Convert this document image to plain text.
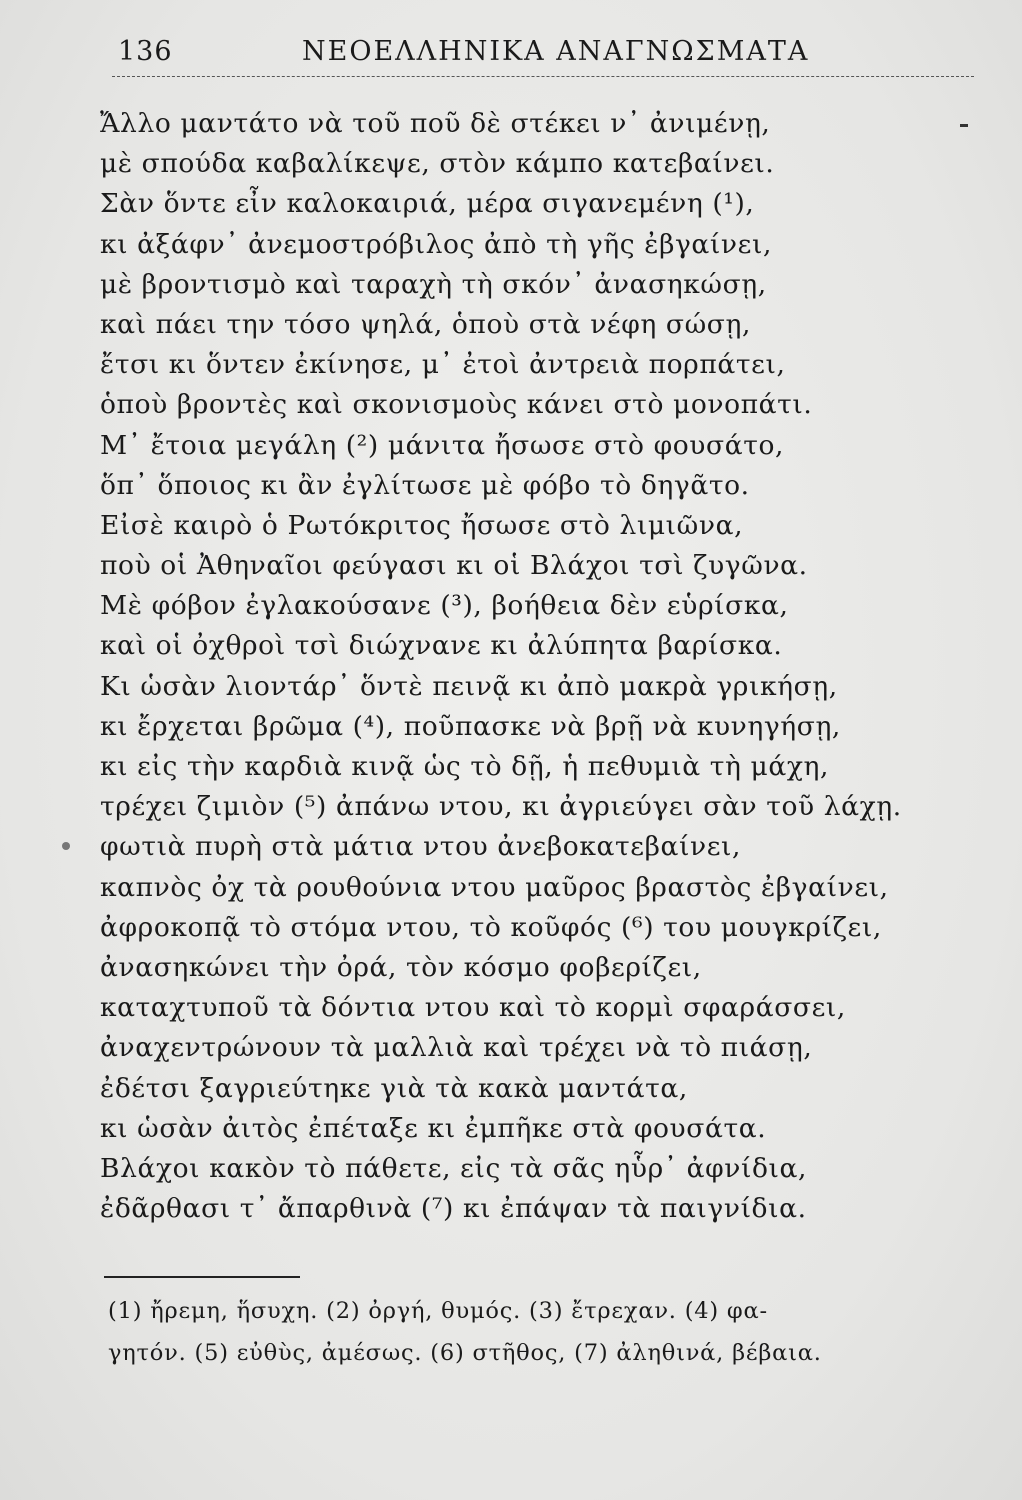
136	ΝΕΟΕΛΛΗΝΙΚΑ ΑΝΑΓΝΩΣΜΑΤΑ
Ἄλλο μαντάτο νὰ τοῦ ποῦ δὲ στέκει ν᾽ ἀνιμένῃ,
μὲ σπούδα καβαλίκεψε, στὸν κάμπο κατεβαίνει.
Σὰν ὅντε εἶν καλοκαιριά, μέρα σιγανεμένη (¹),
κι ἀξάφν᾽ ἀνεμοστρόβιλος ἀπὸ τὴ γῆς ἐβγαίνει,
μὲ βροντισμὸ καὶ ταραχὴ τὴ σκόν᾽ ἀνασηκώσῃ,
καὶ πάει την τόσο ψηλά, ὁποὺ στὰ νέφη σώσῃ,
ἔτσι κι ὅντεν ἐκίνησε, μ᾽ ἐτοὶ ἀντρειὰ πορπάτει,
ὁποὺ βροντὲς καὶ σκονισμοὺς κάνει στὸ μονοπάτι.
Μ᾽ ἔτοια μεγάλη (²) μάνιτα ἤσωσε στὸ φουσάτο,
ὅπ᾽ ὅποιος κι ἂν ἐγλίτωσε μὲ φόβο τὸ δηγᾶτο.
Εἰσὲ καιρὸ ὁ Ρωτόκριτος ἤσωσε στὸ λιμιῶνα,
ποὺ οἱ Ἀθηναῖοι φεύγασι κι οἱ Βλάχοι τσὶ ζυγῶνα.
Μὲ φόβον ἐγλακούσανε (³), βοήθεια δὲν εὑρίσκα,
καὶ οἱ ὀχθροὶ τσὶ διώχνανε κι ἀλύπητα βαρίσκα.
Κι ὡσὰν λιοντάρ᾽ ὅντὲ πεινᾷ κι ἀπὸ μακρὰ γρικήσῃ,
κι ἔρχεται βρῶμα (⁴), ποῦπασκε νὰ βρῇ νὰ κυνηγήσῃ,
κι εἰς τὴν καρδιὰ κινᾷ ὡς τὸ δῇ, ἡ πεθυμιὰ τὴ μάχη,
τρέχει ζιμιὸν (⁵) ἀπάνω ντου, κι ἀγριεύγει σὰν τοῦ λάχῃ.
φωτιὰ πυρὴ στὰ μάτια ντου ἀνεβοκατεβαίνει,
καπνὸς ὀχ τὰ ρουθούνια ντου μαῦρος βραστὸς ἐβγαίνει,
ἀφροκοπᾷ τὸ στόμα ντου, τὸ κοῦφός (⁶) του μουγκρίζει,
ἀνασηκώνει τὴν ὀρά, τὸν κόσμο φοβερίζει,
καταχτυποῦ τὰ δόντια ντου καὶ τὸ κορμὶ σφαράσσει,
ἀναχεντρώνουν τὰ μαλλιὰ καὶ τρέχει νὰ τὸ πιάσῃ,
ἐδέτσι ξαγριεύτηκε γιὰ τὰ κακὰ μαντάτα,
κι ὡσὰν ἀιτὸς ἐπέταξε κι ἐμπῆκε στὰ φουσάτα.
Βλάχοι κακὸν τὸ πάθετε, εἰς τὰ σᾶς ηὗρ᾽ ἀφνίδια,
ἐδᾶρθασι τ᾽ ἄπαρθινὰ (⁷) κι ἐπάψαν τὰ παιγνίδια.
(1) ἤρεμη, ἥσυχη. (2) ὀργή, θυμός. (3) ἔτρεχαν. (4) φα-
γητόν. (5) εὐθὺς, ἀμέσως. (6) στῆθος, (7) ἀληθινά, βέβαια.
